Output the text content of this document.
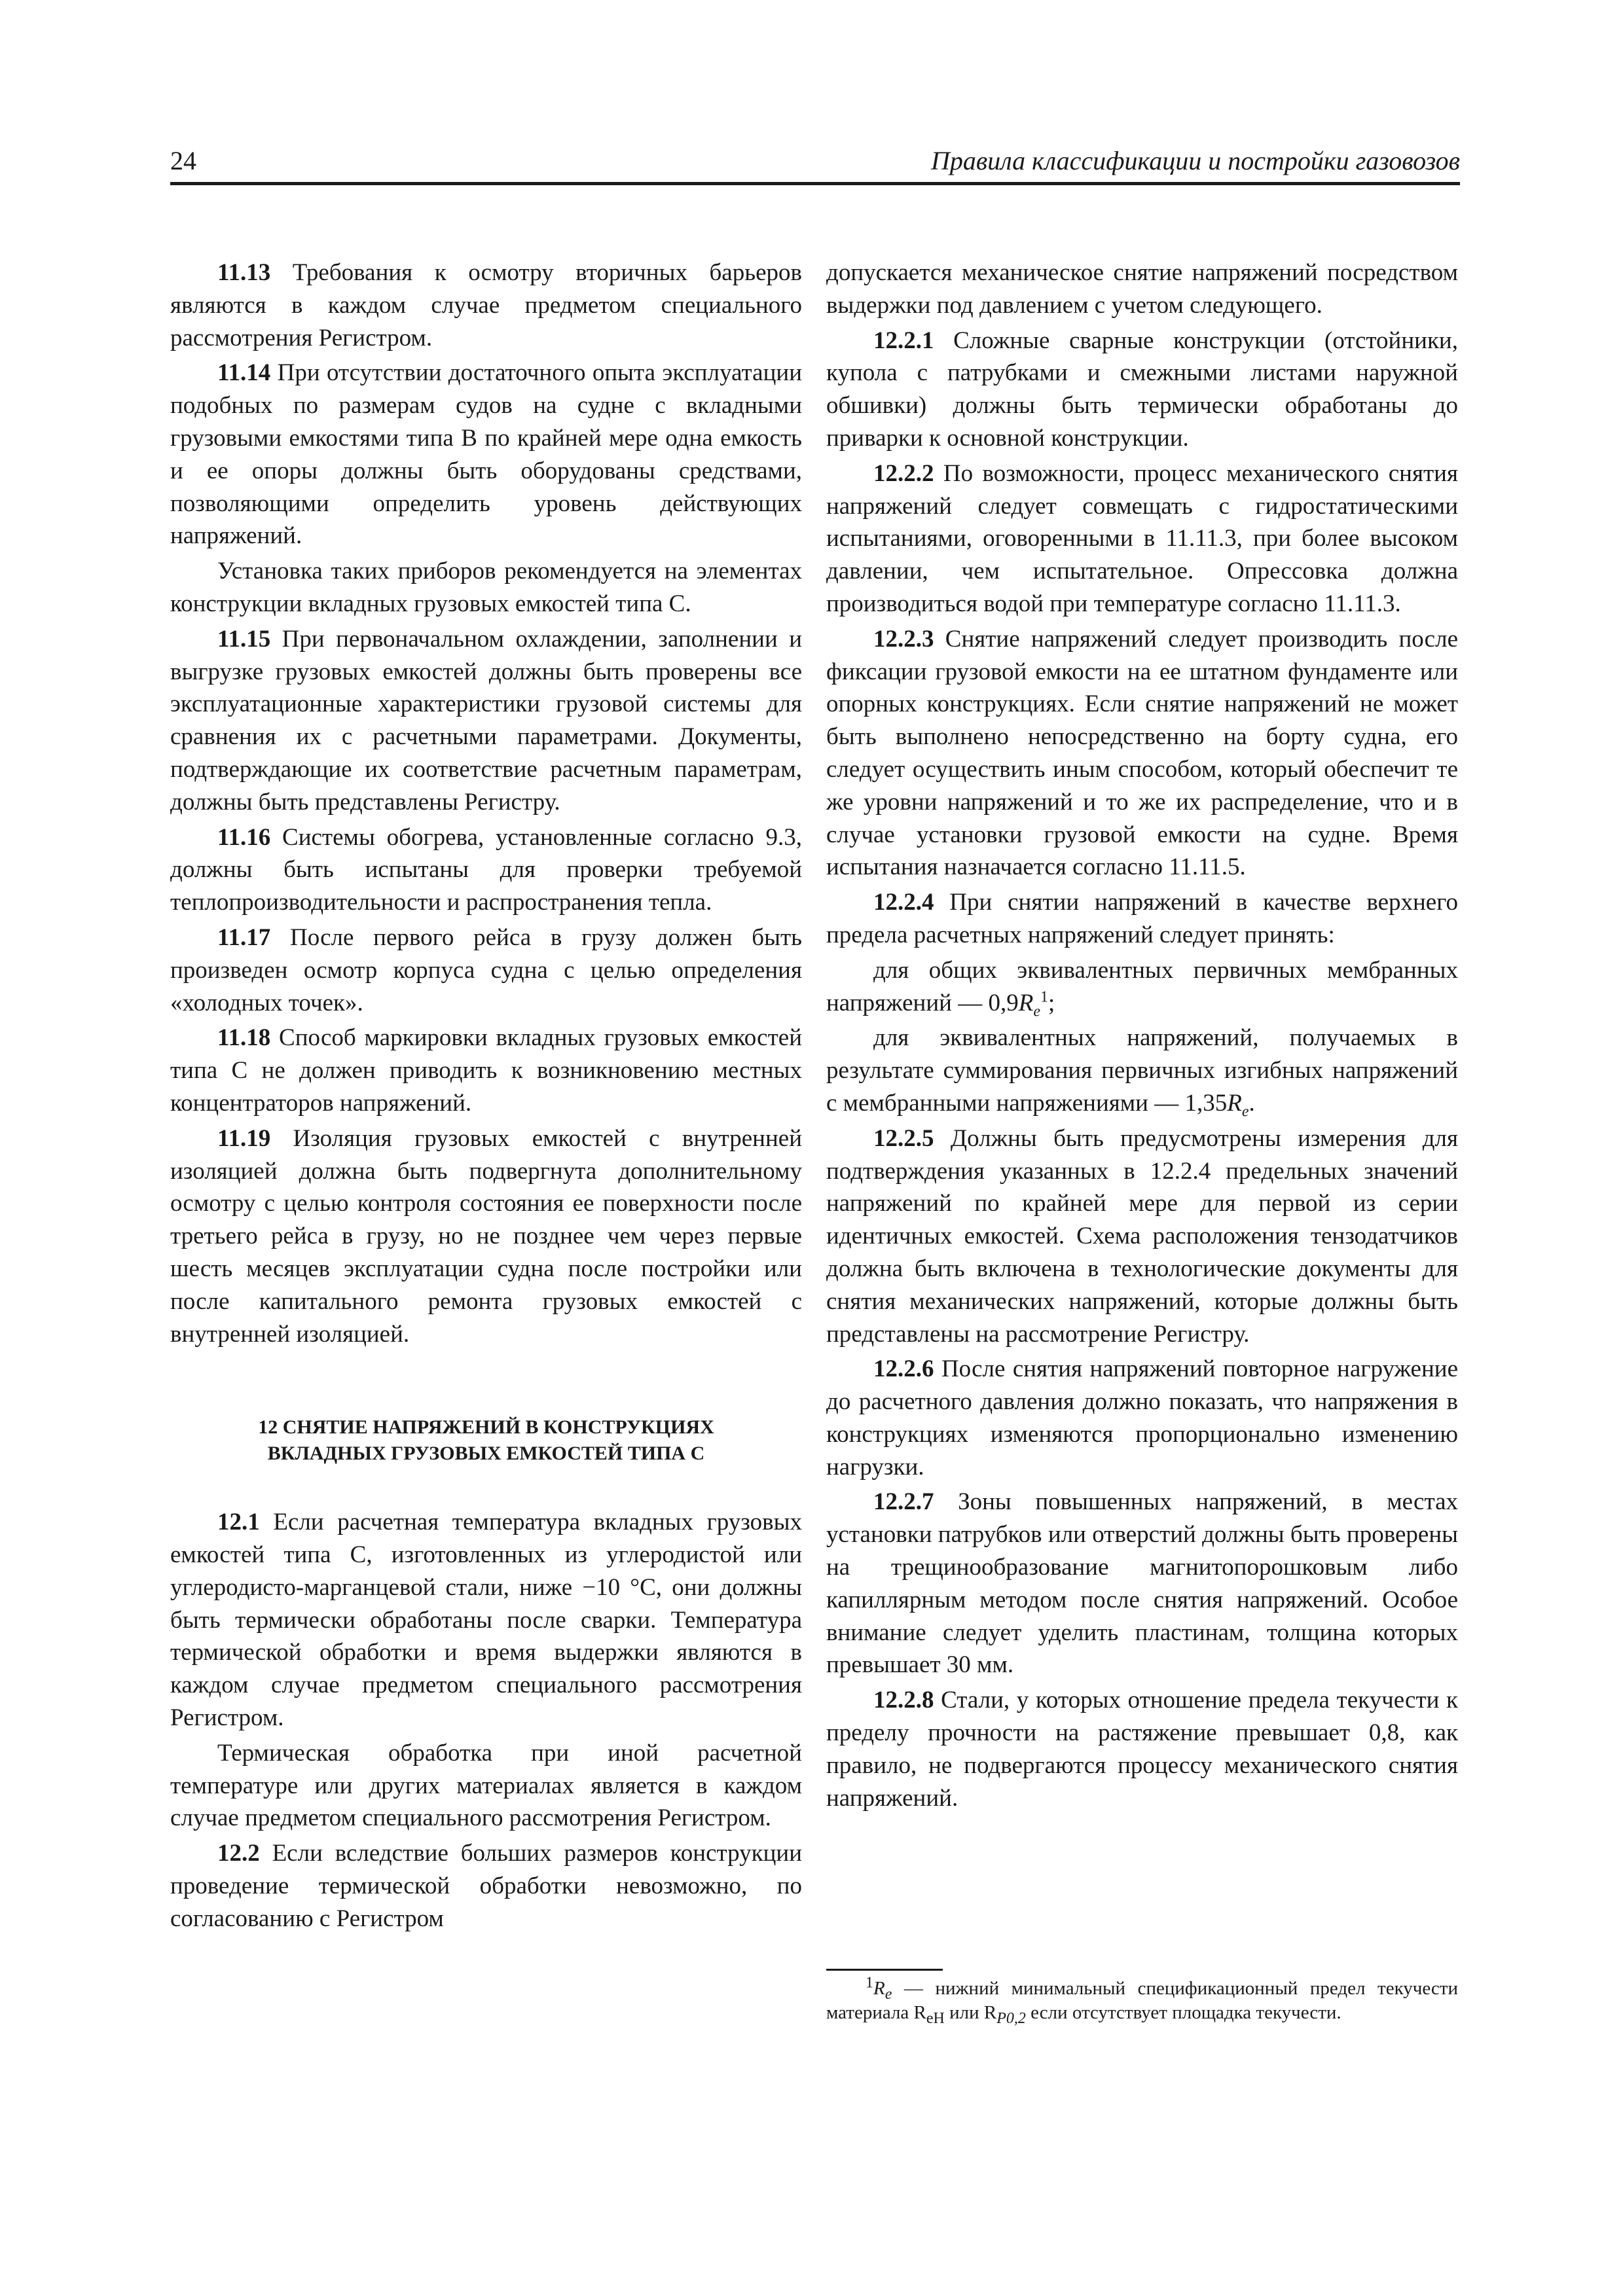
24	Правила классификации и постройки газовозов

11.13 Требования к осмотру вторичных барьеров являются в каждом случае предметом специального рассмотрения Регистром.

11.14 При отсутствии достаточного опыта эксплуатации подобных по размерам судов на судне с вкладными грузовыми емкостями типа B по крайней мере одна емкость и ее опоры должны быть оборудованы средствами, позволяющими определить уровень действующих напряжений.

Установка таких приборов рекомендуется на элементах конструкции вкладных грузовых емкостей типа C.

11.15 При первоначальном охлаждении, заполнении и выгрузке грузовых емкостей должны быть проверены все эксплуатационные характеристики грузовой системы для сравнения их с расчетными параметрами. Документы, подтверждающие их соответствие расчетным параметрам, должны быть представлены Регистру.

11.16 Системы обогрева, установленные согласно 9.3, должны быть испытаны для проверки требуемой теплопроизводительности и распространения тепла.

11.17 После первого рейса в грузу должен быть произведен осмотр корпуса судна с целью определения «холодных точек».

11.18 Способ маркировки вкладных грузовых емкостей типа C не должен приводить к возникновению местных концентраторов напряжений.

11.19 Изоляция грузовых емкостей с внутренней изоляцией должна быть подвергнута дополнительному осмотру с целью контроля состояния ее поверхности после третьего рейса в грузу, но не позднее чем через первые шесть месяцев эксплуатации судна после постройки или после капитального ремонта грузовых емкостей с внутренней изоляцией.

12 СНЯТИЕ НАПРЯЖЕНИЙ В КОНСТРУКЦИЯХ
ВКЛАДНЫХ ГРУЗОВЫХ ЕМКОСТЕЙ ТИПА C

12.1 Если расчетная температура вкладных грузовых емкостей типа C, изготовленных из углеродистой или углеродисто-марганцевой стали, ниже −10 °C, они должны быть термически обработаны после сварки. Температура термической обработки и время выдержки являются в каждом случае предметом специального рассмотрения Регистром.

Термическая обработка при иной расчетной температуре или других материалах является в каждом случае предметом специального рассмотрения Регистром.

12.2 Если вследствие больших размеров конструкции проведение термической обработки невозможно, по согласованию с Регистром

допускается механическое снятие напряжений посредством выдержки под давлением с учетом следующего.

12.2.1 Сложные сварные конструкции (отстойники, купола с патрубками и смежными листами наружной обшивки) должны быть термически обработаны до приварки к основной конструкции.

12.2.2 По возможности, процесс механического снятия напряжений следует совмещать с гидростатическими испытаниями, оговоренными в 11.11.3, при более высоком давлении, чем испытательное. Опрессовка должна производиться водой при температуре согласно 11.11.3.

12.2.3 Снятие напряжений следует производить после фиксации грузовой емкости на ее штатном фундаменте или опорных конструкциях. Если снятие напряжений не может быть выполнено непосредственно на борту судна, его следует осуществить иным способом, который обеспечит те же уровни напряжений и то же их распределение, что и в случае установки грузовой емкости на судне. Время испытания назначается согласно 11.11.5.

12.2.4 При снятии напряжений в качестве верхнего предела расчетных напряжений следует принять:

для общих эквивалентных первичных мембранных напряжений — $0,9R_e^1$;

для эквивалентных напряжений, получаемых в результате суммирования первичных изгибных напряжений с мембранными напряжениями — $1,35R_e$.

12.2.5 Должны быть предусмотрены измерения для подтверждения указанных в 12.2.4 предельных значений напряжений по крайней мере для первой из серии идентичных емкостей. Схема расположения тензодатчиков должна быть включена в технологические документы для снятия механических напряжений, которые должны быть представлены на рассмотрение Регистру.

12.2.6 После снятия напряжений повторное нагружение до расчетного давления должно показать, что напряжения в конструкциях изменяются пропорционально изменению нагрузки.

12.2.7 Зоны повышенных напряжений, в местах установки патрубков или отверстий должны быть проверены на трещинообразование магнитопорошковым либо капиллярным методом после снятия напряжений. Особое внимание следует уделить пластинам, толщина которых превышает 30 мм.

12.2.8 Стали, у которых отношение предела текучести к пределу прочности на растяжение превышает 0,8, как правило, не подвергаются процессу механического снятия напряжений.

$^1R_e$ — нижний минимальный спецификационный предел текучести материала $R_{eH}$ или $R_{P0,2}$ если отсутствует площадка текучести.
